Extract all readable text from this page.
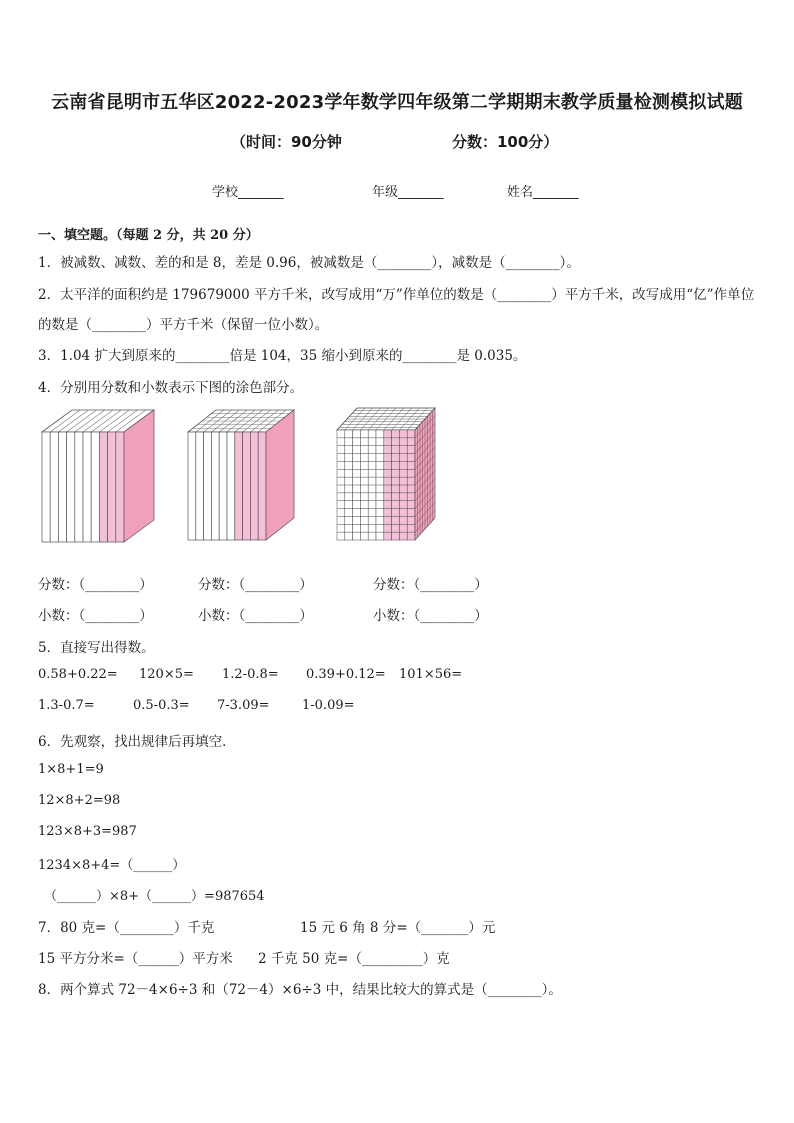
云南省昆明市五华区2022-2023学年数学四年级第二学期期末教学质量检测模拟试题
（时间：90分钟	分数：100分）
学校_______	年级_______	姓名_______
一、填空题。（每题 2 分，共 20 分）
1．被减数、减数、差的和是 8，差是 0.96，被减数是（________），减数是（________）。
2．太平洋的面积约是 179679000 平方千米，改写成用“万”作单位的数是（________）平方千米，改写成用“亿”作单位
的数是（________）平方千米（保留一位小数）。
3．1.04 扩大到原来的________倍是 104，35 缩小到原来的________是 0.035。
4．分别用分数和小数表示下图的涂色部分。
分数：（________）	分数：（________）	分数：（________）
小数：（________）	小数：（________）	小数：（________）
5．直接写出得数。
0.58+0.22= 120×5= 1.2-0.8= 0.39+0.12= 101×56=
1.3-0.7=	0.5-0.3= 7-3.09= 1-0.09=
6．先观察，找出规律后再填空．
1×8+1=9
12×8+2=98
123×8+3=987
1234×8+4=（______）
（______）×8+（______）=987654
7．80 克=（________）千克	15 元 6 角 8 分=（_______）元
15 平方分米=（______）平方米 2 千克 50 克=（_________）克
8．两个算式 72－4×6÷3 和（72－4）×6÷3 中，结果比较大的算式是（________）。
